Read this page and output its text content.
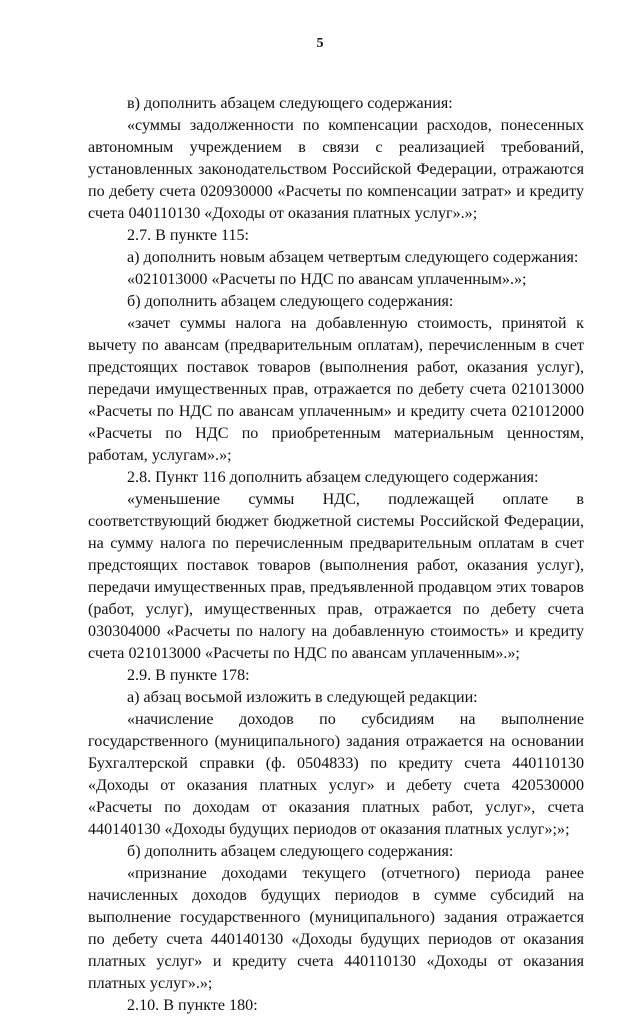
5

в) дополнить абзацем следующего содержания:

«суммы задолженности по компенсации расходов, понесенных автономным учреждением в связи с реализацией требований, установленных законодательством Российской Федерации, отражаются по дебету счета 020930000 «Расчеты по компенсации затрат» и кредиту счета 040110130 «Доходы от оказания платных услуг».»;

2.7. В пункте 115:

а) дополнить новым абзацем четвертым следующего содержания:

«021013000 «Расчеты по НДС по авансам уплаченным».»;

б) дополнить абзацем следующего содержания:

«зачет суммы налога на добавленную стоимость, принятой к вычету по авансам (предварительным оплатам), перечисленным в счет предстоящих поставок товаров (выполнения работ, оказания услуг), передачи имущественных прав, отражается по дебету счета 021013000 «Расчеты по НДС по авансам уплаченным» и кредиту счета 021012000 «Расчеты по НДС по приобретенным материальным ценностям, работам, услугам».»;

2.8. Пункт 116 дополнить абзацем следующего содержания:

«уменьшение суммы НДС, подлежащей оплате в соответствующий бюджет бюджетной системы Российской Федерации, на сумму налога по перечисленным предварительным оплатам в счет предстоящих поставок товаров (выполнения работ, оказания услуг), передачи имущественных прав, предъявленной продавцом этих товаров (работ, услуг), имущественных прав, отражается по дебету счета 030304000 «Расчеты по налогу на добавленную стоимость» и кредиту счета 021013000 «Расчеты по НДС по авансам уплаченным».»;

2.9. В пункте 178:

а) абзац восьмой изложить в следующей редакции:

«начисление доходов по субсидиям на выполнение государственного (муниципального) задания отражается на основании Бухгалтерской справки (ф. 0504833) по кредиту счета 440110130 «Доходы от оказания платных услуг» и дебету счета 420530000 «Расчеты по доходам от оказания платных работ, услуг», счета 440140130 «Доходы будущих периодов от оказания платных услуг»;»;

б) дополнить абзацем следующего содержания:

«признание доходами текущего (отчетного) периода ранее начисленных доходов будущих периодов в сумме субсидий на выполнение государственного (муниципального) задания отражается по дебету счета 440140130 «Доходы будущих периодов от оказания платных услуг» и кредиту счета 440110130 «Доходы от оказания платных услуг».»;

2.10. В пункте 180:
